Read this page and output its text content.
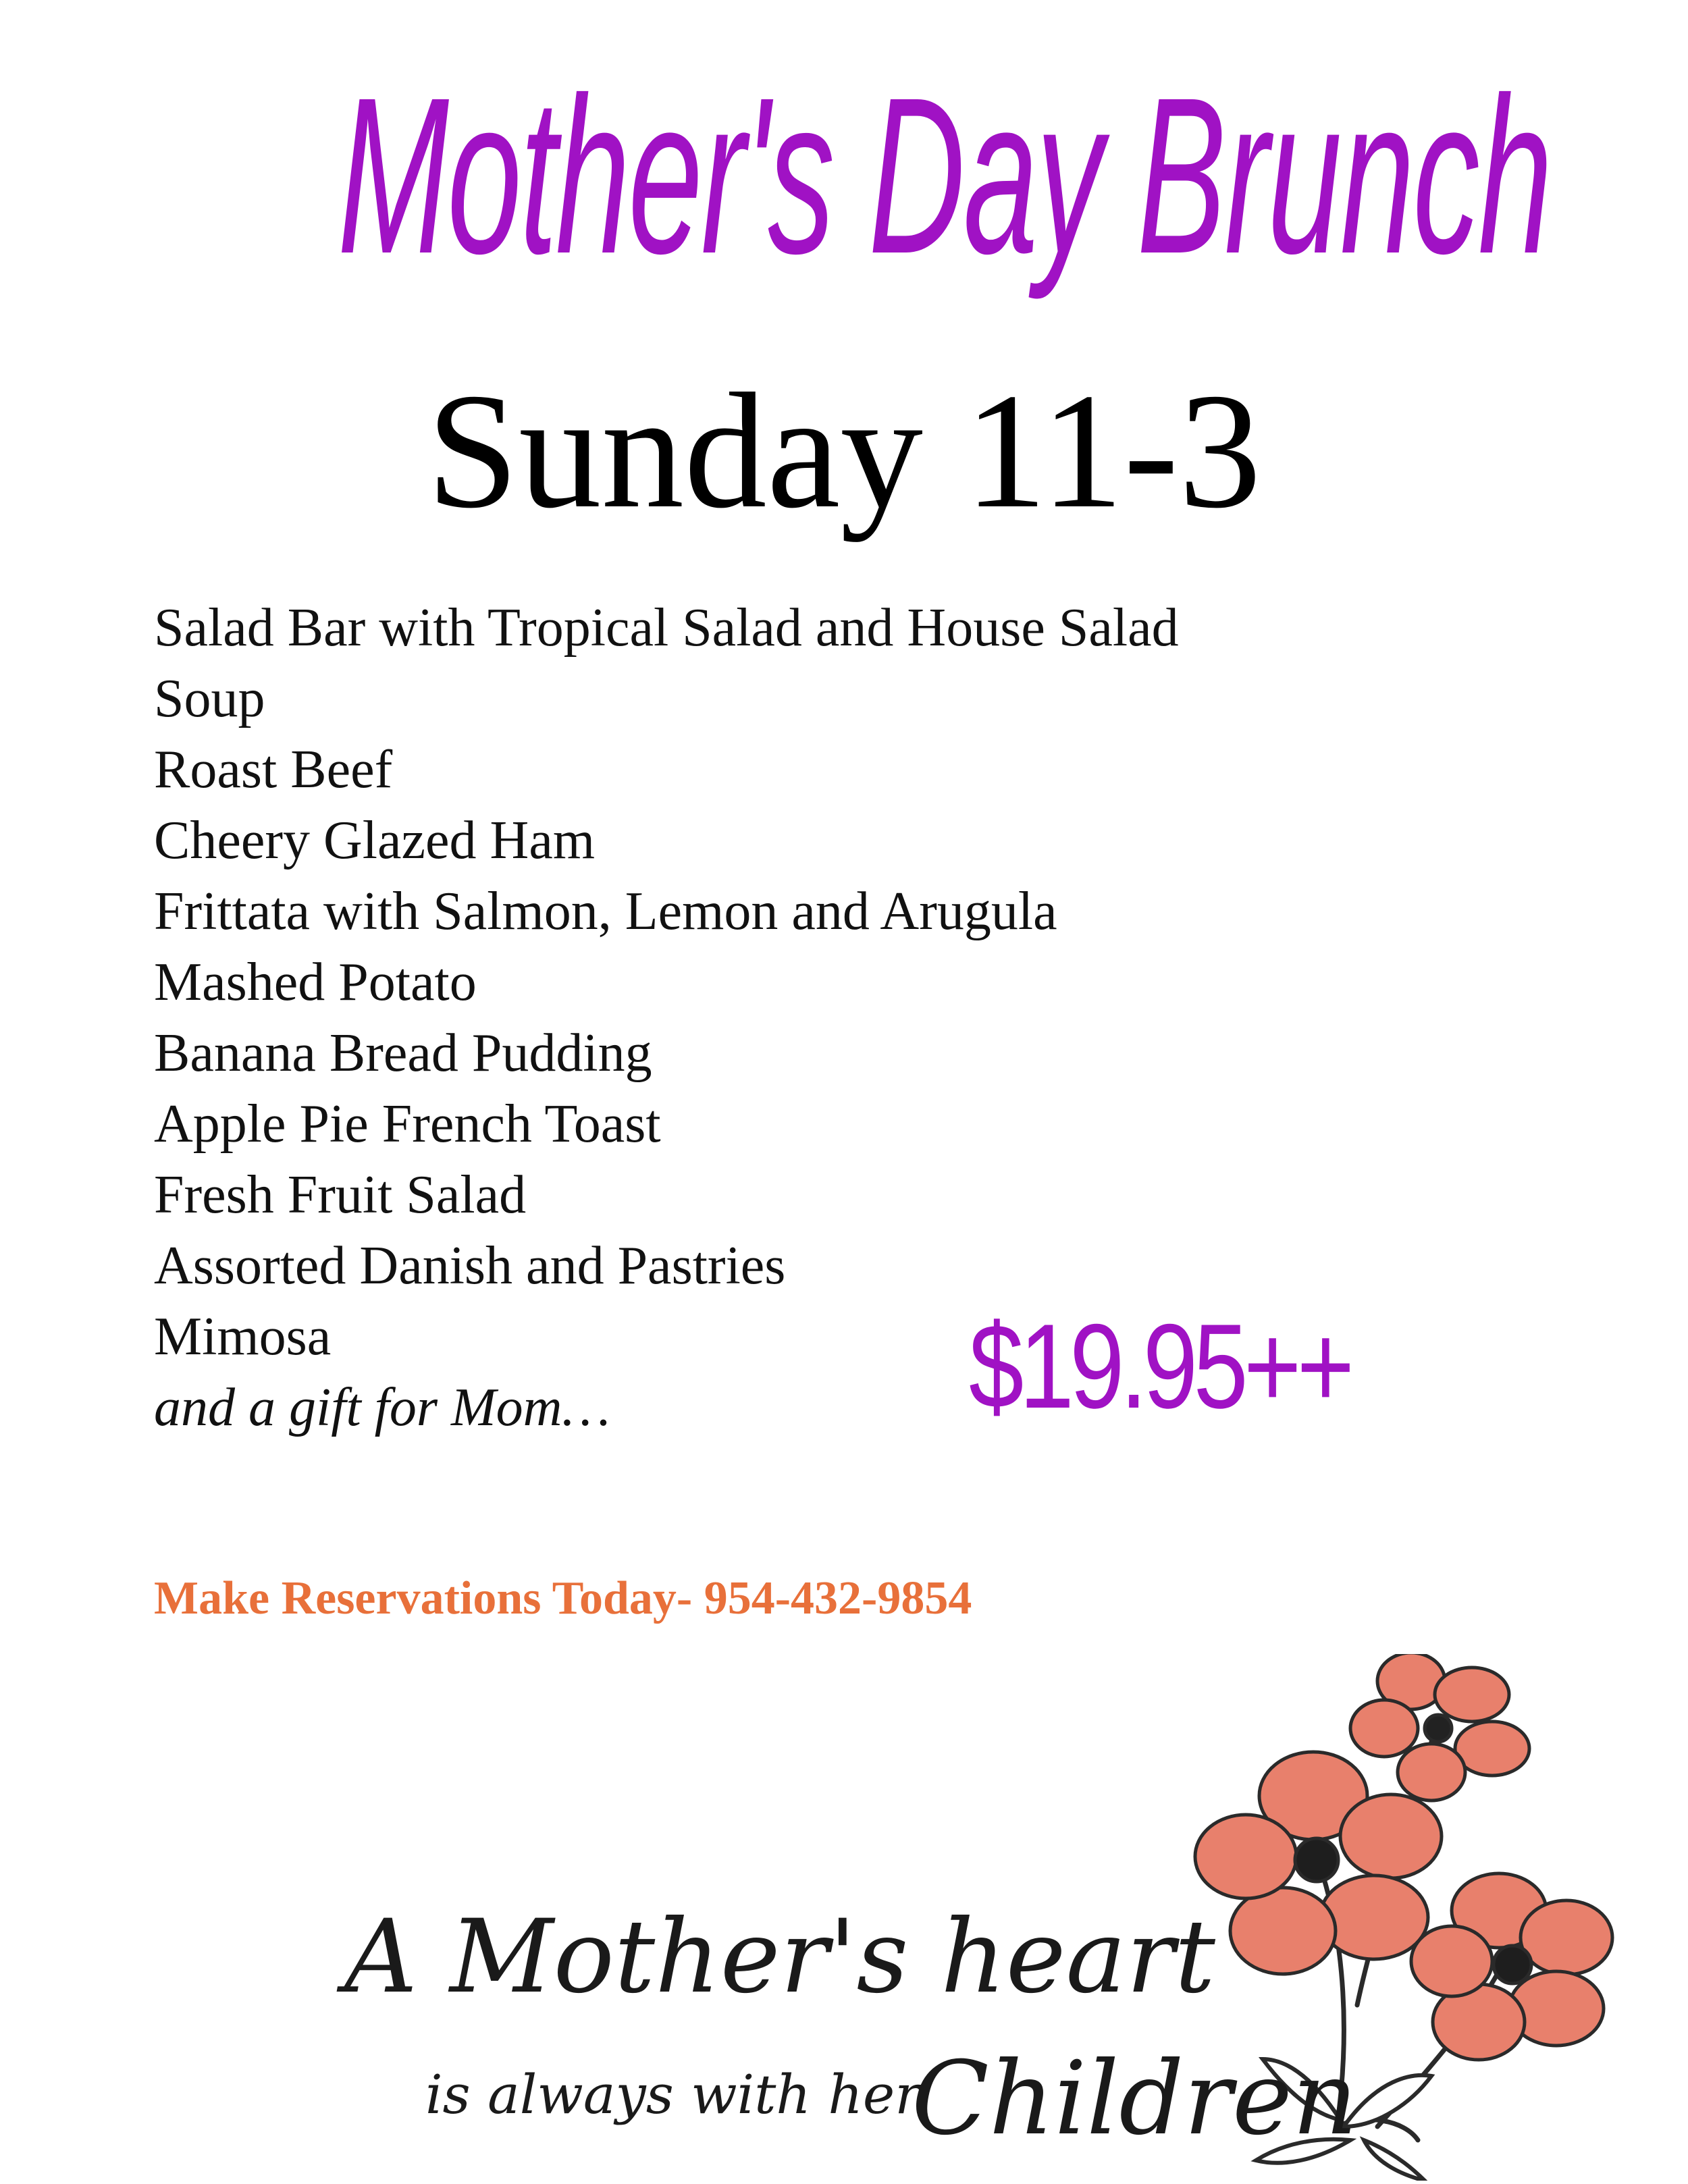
Mother's Day Brunch
Sunday 11-3
Salad Bar with Tropical Salad and House Salad
Soup
Roast Beef
Cheery Glazed Ham
Frittata with Salmon, Lemon and Arugula
Mashed Potato
Banana Bread Pudding
Apple Pie French Toast
Fresh Fruit Salad
Assorted Danish and Pastries
Mimosa
and a gift for Mom…	$19.95++
Make Reservations Today- 954-432-9854
A Mother's heart
is always with her
Children
